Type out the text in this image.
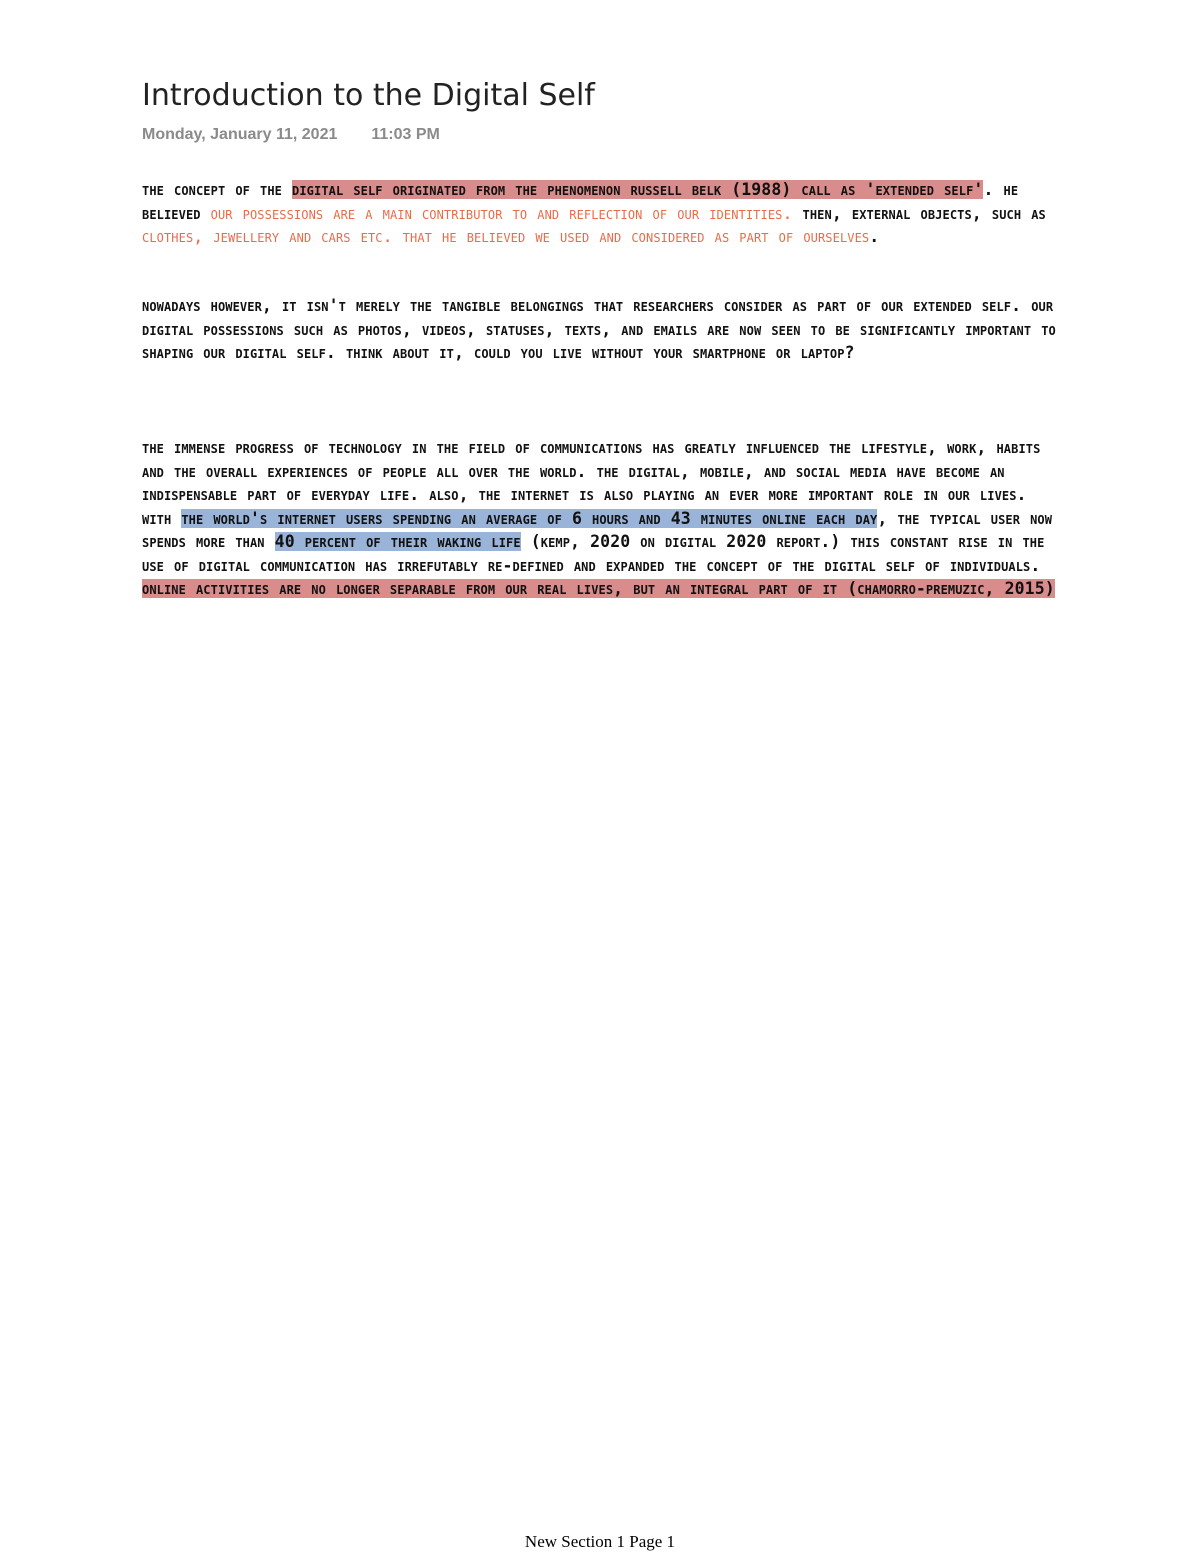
Introduction to the Digital Self
Monday, January 11, 2021 11:03 PM

the concept of the digital self originated from the phenomenon russell belk (1988) call as 'extended self'. he believed our possessions are a main contributor to and reflection of our identities. then, external objects, such as clothes, jewellery and cars etc. that he believed we used and considered as part of ourselves.

nowadays however, it isn't merely the tangible belongings that researchers consider as part of our extended self. our digital possessions such as photos, videos, statuses, texts, and emails are now seen to be significantly important to shaping our digital self. think about it, could you live without your smartphone or laptop?

the immense progress of technology in the field of communications has greatly influenced the lifestyle, work, habits and the overall experiences of people all over the world. the digital, mobile, and social media have become an indispensable part of everyday life. also, the internet is also playing an ever more important role in our lives. with the world's internet users spending an average of 6 hours and 43 minutes online each day, the typical user now spends more than 40 percent of their waking life (kemp, 2020 on digital 2020 report.) this constant rise in the use of digital communication has irrefutably re-defined and expanded the concept of the digital self of individuals. online activities are no longer separable from our real lives, but an integral part of it (chamorro-premuzic, 2015)

New Section 1 Page 1
